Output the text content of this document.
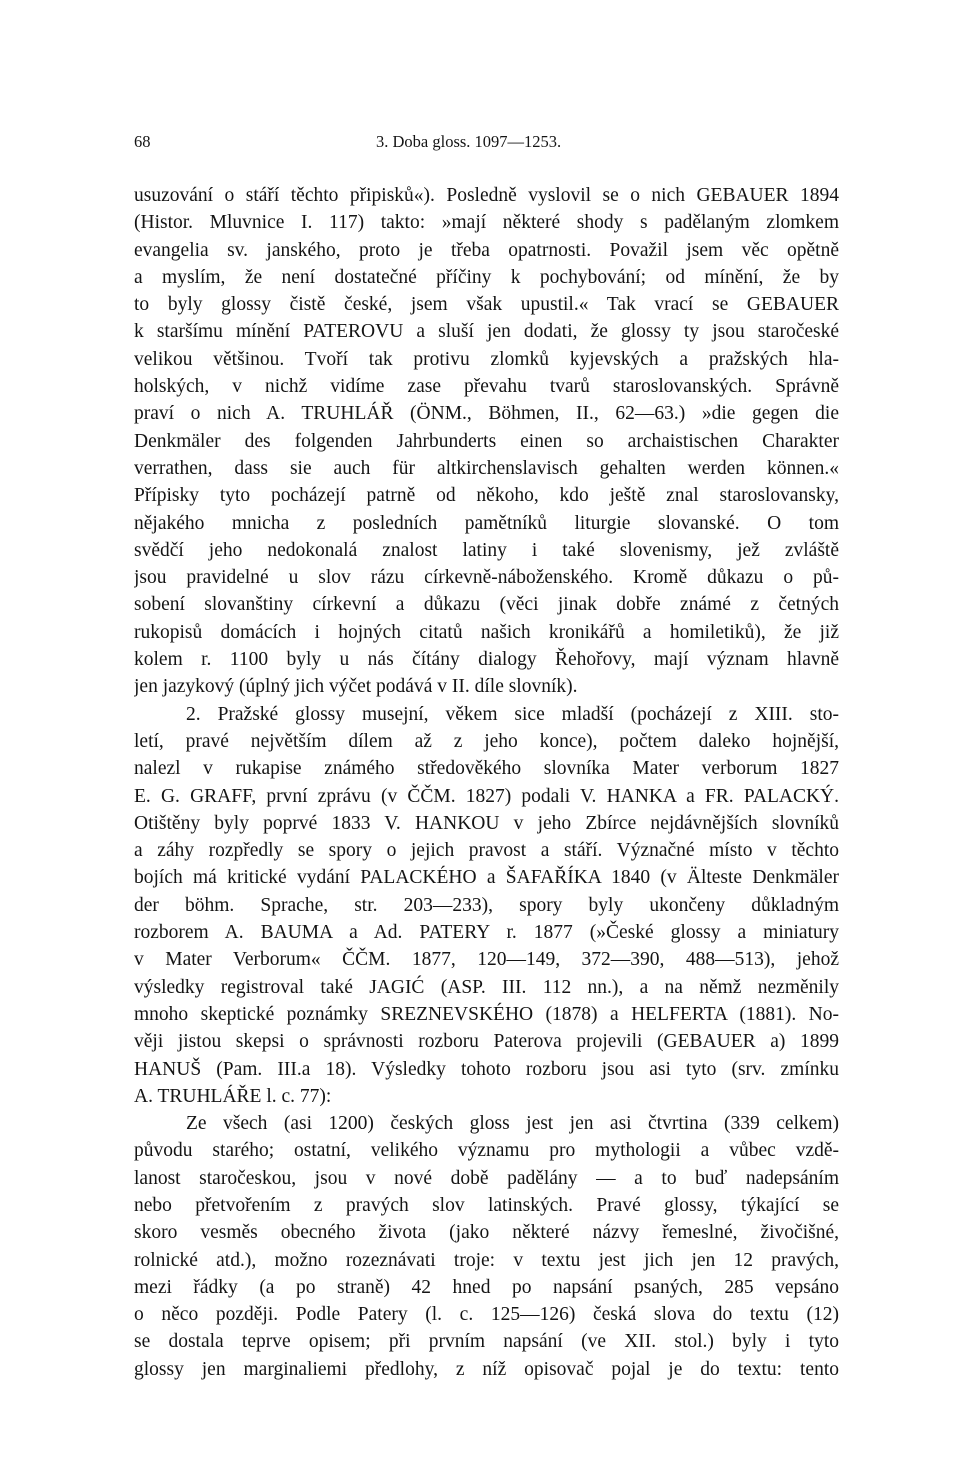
68	3. Doba gloss. 1097—1253.
usuzování o stáří těchto připisků«). Posledně vyslovil se o nich GEBAUER 1894
(Histor. Mluvnice I. 117) takto: »mají některé shody s padělaným zlomkem
evangelia sv. janského, proto je třeba opatrnosti. Považil jsem věc opětně
a myslím, že není dostatečné příčiny k pochybování; od mínění, že by
to byly glossy čistě české, jsem však upustil.« Tak vrací se GEBAUER
k staršímu mínění PATEROVU a sluší jen dodati, že glossy ty jsou staročeské
velikou většinou. Tvoří tak protivu zlomků kyjevských a pražských hla-
holských, v nichž vidíme zase převahu tvarů staroslovanských. Správně
praví o nich A. TRUHLÁŘ (ÖNM., Böhmen, II., 62—63.) »die gegen die
Denkmäler des folgenden Jahrbunderts einen so archaistischen Charakter
verrathen, dass sie auch für altkirchenslavisch gehalten werden können.«
Přípisky tyto pocházejí patrně od někoho, kdo ještě znal staroslovansky,
nějakého mnicha z posledních pamětníků liturgie slovanské. O tom
svědčí jeho nedokonalá znalost latiny i také slovenismy, jež zvláště
jsou pravidelné u slov rázu církevně-náboženského. Kromě důkazu o pů-
sobení slovanštiny církevní a důkazu (věci jinak dobře známé z četných
rukopisů domácích i hojných citatů našich kronikářů a homiletiků), že již
kolem r. 1100 byly u nás čítány dialogy Řehořovy, mají význam hlavně
jen jazykový (úplný jich výčet podává v II. díle slovník).
2. Pražské glossy musejní, věkem sice mladší (pocházejí z XIII. sto-
letí, pravé největším dílem až z jeho konce), počtem daleko hojnější,
nalezl v rukapise známého středověkého slovníka Mater verborum 1827
E. G. GRAFF, první zprávu (v ČČM. 1827) podali V. HANKA a FR. PALACKÝ.
Otištěny byly poprvé 1833 V. HANKOU v jeho Zbírce nejdávnějších slovníků
a záhy rozpředly se spory o jejich pravost a stáří. Význačné místo v těchto
bojích má kritické vydání PALACKÉHO a ŠAFAŘÍKA 1840 (v Älteste Denkmäler
der böhm. Sprache, str. 203—233), spory byly ukončeny důkladným
rozborem A. BAUMA a Ad. PATERY r. 1877 (»České glossy a miniatury
v Mater Verborum« ČČM. 1877, 120—149, 372—390, 488—513), jehož
výsledky registroval také JAGIĆ (ASP. III. 112 nn.), a na němž nezměnily
mnoho skeptické poznámky SREZNEVSKÉHO (1878) a HELFERTA (1881). No-
věji jistou skepsi o správnosti rozboru Paterova projevili (GEBAUER a) 1899
HANUŠ (Pam. III.a 18). Výsledky tohoto rozboru jsou asi tyto (srv. zmínku
A. TRUHLÁŘE l. c. 77):
Ze všech (asi 1200) českých gloss jest jen asi čtvrtina (339 celkem)
původu starého; ostatní, velikého významu pro mythologii a vůbec vzdě-
lanost staročeskou, jsou v nové době padělány — a to buď nadepsáním
nebo přetvořením z pravých slov latinských. Pravé glossy, týkající se
skoro vesměs obecného života (jako některé názvy řemeslné, živočišné,
rolnické atd.), možno rozeznávati troje: v textu jest jich jen 12 pravých,
mezi řádky (a po straně) 42 hned po napsání psaných, 285 vepsáno
o něco později. Podle Patery (l. c. 125—126) česká slova do textu (12)
se dostala teprve opisem; při prvním napsání (ve XII. stol.) byly i tyto
glossy jen marginaliemi předlohy, z níž opisovač pojal je do textu: tento
